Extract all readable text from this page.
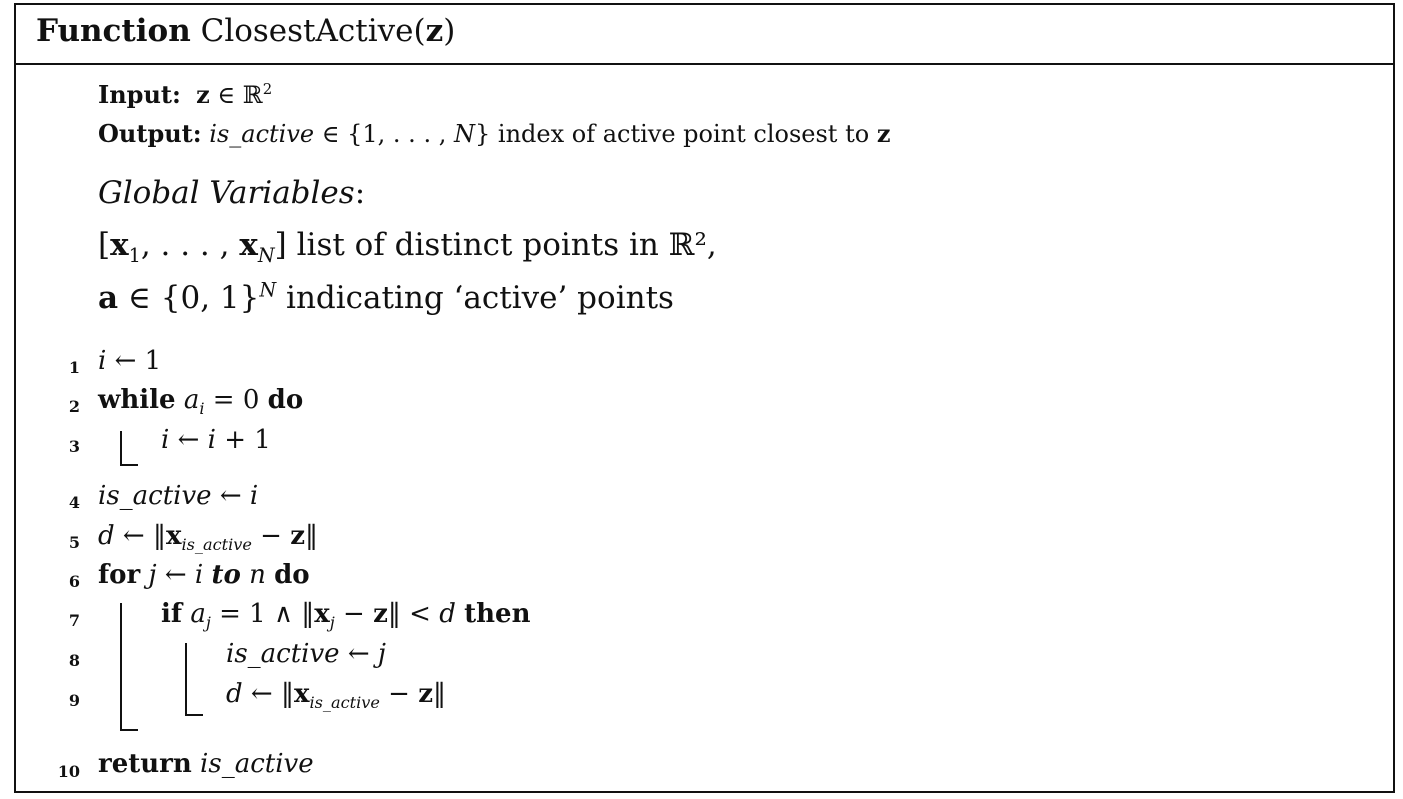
Function ClosestActive(z)
Input: z ∈ ℝ$^2$
Output: is_active ∈ {1, . . . , N} index of active point closest to z
Global Variables:
[$x_1$, . . . , $x_N$] list of distinct points in ℝ²,
a ∈ {0, 1}$^N$ indicating ‘active’ points
1
2
3
4
5
6
7
8
9
10
i ← 1
while $a_i = 0$ do
i ← i + 1
is_active ← i
d ← $‖x_{is\_active}$ − z‖
for j ← i to n do
if $a_j = 1$ ∧ $‖x_j$ − z‖ < d then
is_active ← j
d ← $‖x_{is\_active}$ − z‖
return is_active
